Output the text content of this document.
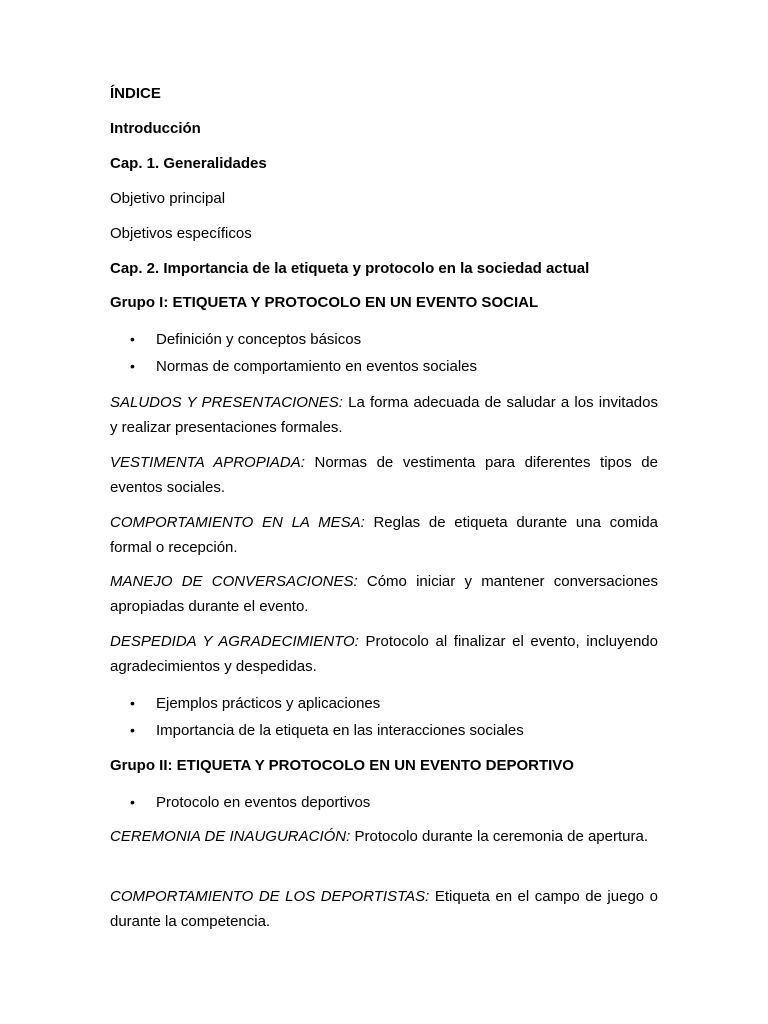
ÍNDICE
Introducción
Cap. 1. Generalidades
Objetivo principal
Objetivos específicos
Cap. 2. Importancia de la etiqueta y protocolo en la sociedad actual
Grupo I: ETIQUETA Y PROTOCOLO EN UN EVENTO SOCIAL
• Definición y conceptos básicos
• Normas de comportamiento en eventos sociales
SALUDOS Y PRESENTACIONES: La forma adecuada de saludar a los invitados y realizar presentaciones formales.
VESTIMENTA APROPIADA: Normas de vestimenta para diferentes tipos de eventos sociales.
COMPORTAMIENTO EN LA MESA: Reglas de etiqueta durante una comida formal o recepción.
MANEJO DE CONVERSACIONES: Cómo iniciar y mantener conversaciones apropiadas durante el evento.
DESPEDIDA Y AGRADECIMIENTO: Protocolo al finalizar el evento, incluyendo agradecimientos y despedidas.
• Ejemplos prácticos y aplicaciones
• Importancia de la etiqueta en las interacciones sociales
Grupo II: ETIQUETA Y PROTOCOLO EN UN EVENTO DEPORTIVO
• Protocolo en eventos deportivos
CEREMONIA DE INAUGURACIÓN: Protocolo durante la ceremonia de apertura.
COMPORTAMIENTO DE LOS DEPORTISTAS: Etiqueta en el campo de juego o durante la competencia.
